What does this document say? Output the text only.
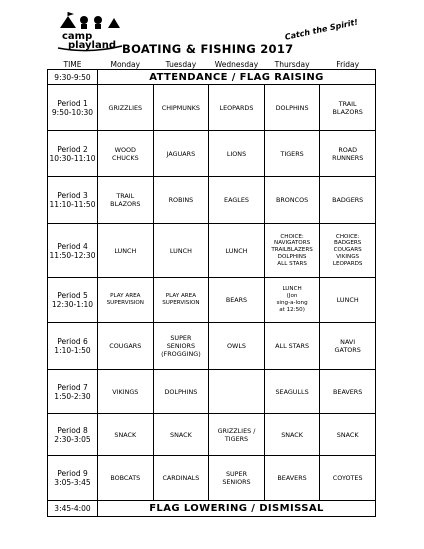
camp
playland BOATING & FISHING 2017
Catch the Spirit!
TIME	Monday	Tuesday	Wednesday	Thursday	Friday
9:30-9:50	ATTENDANCE / FLAG RAISING				
Period 1
9:50-10:30	GRIZZLIES	CHIPMUNKS	LEOPARDS	DOLPHINS	TRAIL
BLAZORS
Period 2
10:30-11:10	WOOD
CHUCKS	JAGUARS	LIONS	TIGERS	ROAD
RUNNERS
Period 3
11:10-11:50	TRAIL
BLAZORS	ROBINS	EAGLES	BRONCOS	BADGERS
Period 4
11:50-12:30	LUNCH	LUNCH	LUNCH	CHOICE:
NAVIGATORS
TRAILBLAZERS
DOLPHINS
ALL STARS	CHOICE:
BADGERS
COUGARS
VIKINGS
LEOPARDS
Period 5
12:30-1:10	PLAY AREA
SUPERVISION	PLAY AREA
SUPERVISION	BEARS	LUNCH
(Jon
sing-a-long
at 12:50)	LUNCH
Period 6
1:10-1:50	COUGARS	SUPER
SENIORS
(FROGGING)	OWLS	ALL STARS	NAVI
GATORS
Period 7
1:50-2:30	VIKINGS	DOLPHINS		SEAGULLS	BEAVERS
Period 8
2:30-3:05	SNACK	SNACK	GRIZZLIES /
TIGERS	SNACK	SNACK
Period 9
3:05-3:45	BOBCATS	CARDINALS	SUPER
SENIORS	BEAVERS	COYOTES
3:45-4:00	FLAG LOWERING / DISMISSAL				
